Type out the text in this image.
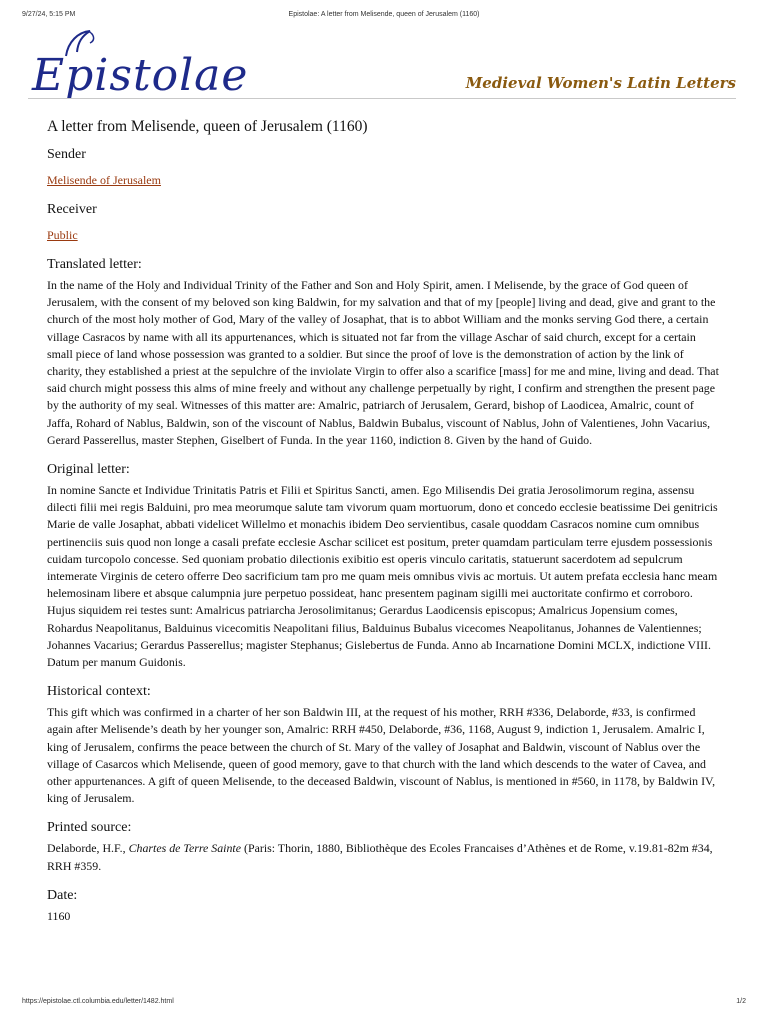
9/27/24, 5:15 PM	Epistolae: A letter from Melisende, queen of Jerusalem (1160)
Epistolae	Medieval Women's Latin Letters
A letter from Melisende, queen of Jerusalem (1160)
Sender
Melisende of Jerusalem
Receiver
Public
Translated letter:

In the name of the Holy and Individual Trinity of the Father and Son and Holy Spirit, amen. I Melisende, by the grace of God queen of Jerusalem, with the consent of my beloved son king Baldwin, for my salvation and that of my [people] living and dead, give and grant to the church of the most holy mother of God, Mary of the valley of Josaphat, that is to abbot William and the monks serving God there, a certain village Casracos by name with all its appurtenances, which is situated not far from the village Aschar of said church, except for a certain small piece of land whose possession was granted to a soldier. But since the proof of love is the demonstration of action by the link of charity, they established a priest at the sepulchre of the inviolate Virgin to offer also a scarifice [mass] for me and mine, living and dead. That said church might possess this alms of mine freely and without any challenge perpetually by right, I confirm and strengthen the present page by the authority of my seal. Witnesses of this matter are: Amalric, patriarch of Jerusalem, Gerard, bishop of Laodicea, Amalric, count of Jaffa, Rohard of Nablus, Baldwin, son of the viscount of Nablus, Baldwin Bubalus, viscount of Nablus, John of Valentienes, John Vacarius, Gerard Passerellus, master Stephen, Giselbert of Funda. In the year 1160, indiction 8. Given by the hand of Guido.

Original letter:

In nomine Sancte et Individue Trinitatis Patris et Filii et Spiritus Sancti, amen. Ego Milisendis Dei gratia Jerosolimorum regina, assensu dilecti filii mei regis Balduini, pro mea meorumque salute tam vivorum quam mortuorum, dono et concedo ecclesie beatissime Dei genitricis Marie de valle Josaphat, abbati videlicet Willelmo et monachis ibidem Deo servientibus, casale quoddam Casracos nomine cum omnibus pertinenciis suis quod non longe a casali prefate ecclesie Aschar scilicet est positum, preter quamdam particulam terre ejusdem possessionis cuidam turcopolo concesse. Sed quoniam probatio dilectionis exibitio est operis vinculo caritatis, statuerunt sacerdotem ad sepulcrum intemerate Virginis de cetero offerre Deo sacrificium tam pro me quam meis omnibus vivis ac mortuis. Ut autem prefata ecclesia hanc meam helemosinam libere et absque calumpnia jure perpetuo possideat, hanc presentem paginam sigilli mei auctoritate confirmo et corroboro. Hujus siquidem rei testes sunt: Amalricus patriarcha Jerosolimitanus; Gerardus Laodicensis episcopus; Amalricus Jopensium comes, Rohardus Neapolitanus, Balduinus vicecomitis Neapolitani filius, Balduinus Bubalus vicecomes Neapolitanus, Johannes de Valentiennes; Johannes Vacarius; Gerardus Passerellus; magister Stephanus; Gislebertus de Funda. Anno ab Incarnatione Domini MCLX, indictione VIII. Datum per manum Guidonis.

Historical context:

This gift which was confirmed in a charter of her son Baldwin III, at the request of his mother, RRH #336, Delaborde, #33, is confirmed again after Melisende’s death by her younger son, Amalric: RRH #450, Delaborde, #36, 1168, August 9, indiction 1, Jerusalem. Amalric I, king of Jerusalem, confirms the peace between the church of St. Mary of the valley of Josaphat and Baldwin, viscount of Nablus over the village of Casarcos which Melisende, queen of good memory, gave to that church with the land which descends to the water of Cavea, and other appurtenances. A gift of queen Melisende, to the deceased Baldwin, viscount of Nablus, is mentioned in #560, in 1178, by Baldwin IV, king of Jerusalem.

Printed source:

Delaborde, H.F., Chartes de Terre Sainte (Paris: Thorin, 1880, Bibliothèque des Ecoles Francaises d’Athènes et de Rome, v.19.81-82m #34, RRH #359.

Date:

1160

https://epistolae.ctl.columbia.edu/letter/1482.html	1/2
